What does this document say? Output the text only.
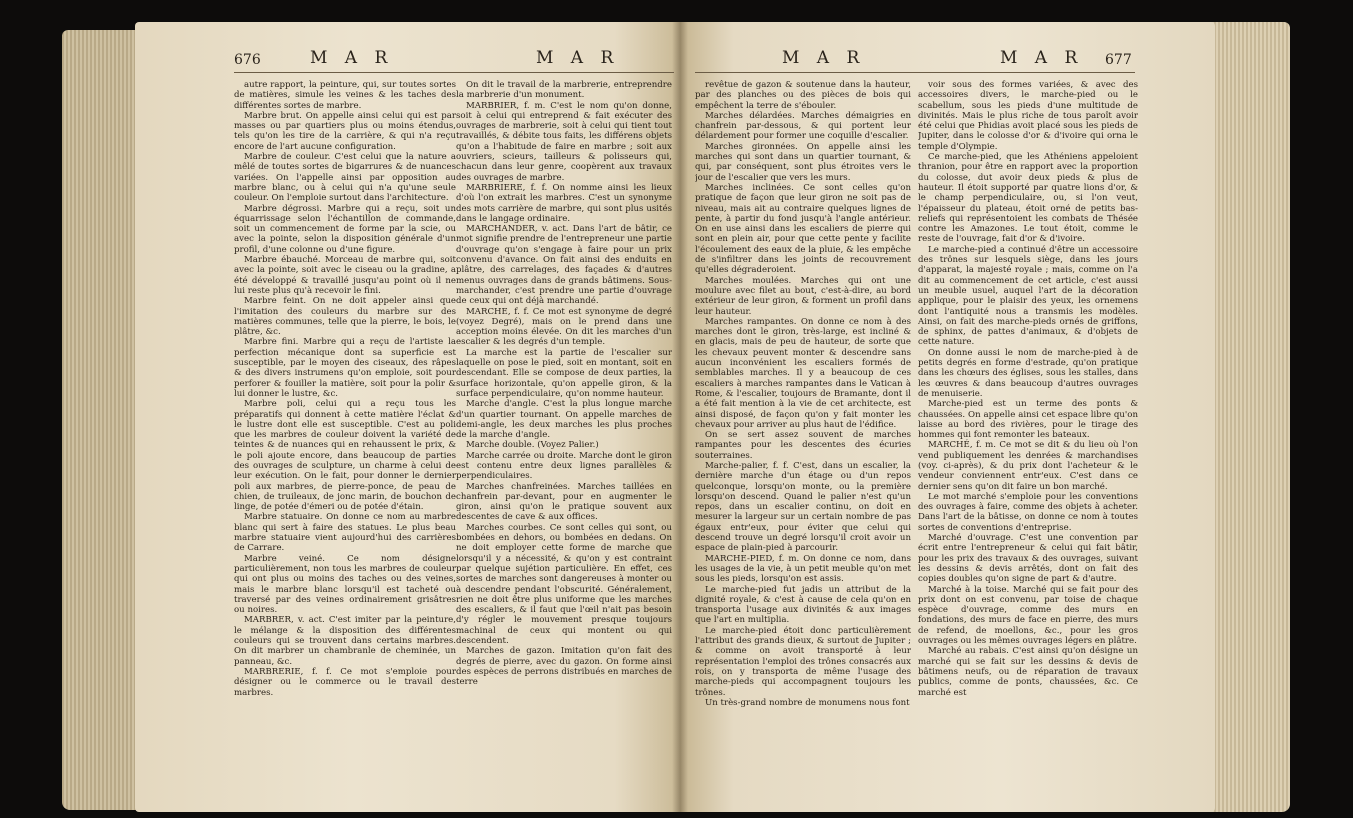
676	M A R	M A R	M A R	M A R 677

autre rapport, la peinture, qui, sur toutes sortes de matières, simule les veines & les taches des différentes sortes de marbre.

Marbre brut. On appelle ainsi celui qui est par masses ou par quartiers plus ou moins étendus, tels qu'on les tire de la carrière, & qui n'a reçu encore de l'art aucune configuration.

Marbre de couleur. C'est celui que la nature a mêlé de toutes sortes de bigarrures & de nuances variées. On l'appelle ainsi par opposition au marbre blanc, ou à celui qui n'a qu'une seule couleur. On l'emploie surtout dans l'architecture.

Marbre dégrossi. Marbre qui a reçu, soit un équarrissage selon l'échantillon de commande, soit un commencement de forme par la scie, ou avec la pointe, selon la disposition générale d'un profil, d'une colonne ou d'une figure.

Marbre ébauché. Morceau de marbre qui, soit avec la pointe, soit avec le ciseau ou la gradine, a été développé & travaillé jusqu'au point où il ne lui reste plus qu'à recevoir le fini.

Marbre feint. On ne doit appeler ainsi que l'imitation des couleurs du marbre sur des matières communes, telle que la pierre, le bois, le plâtre, &c.

Marbre fini. Marbre qui a reçu de l'artiste la perfection mécanique dont sa superficie est susceptible, par le moyen des ciseaux, des râpes & des divers instrumens qu'on emploie, soit pour perforer & fouiller la matière, soit pour la polir & lui donner le lustre, &c.

Marbre poli, celui qui a reçu tous les préparatifs qui donnent à cette matière l'éclat & le lustre dont elle est susceptible. C'est au poli que les marbres de couleur doivent la variété de teintes & de nuances qui en rehaussent le prix, & le poli ajoute encore, dans beaucoup de parties des ouvrages de sculpture, un charme à celui de leur exécution. On le fait, pour donner le dernier poli aux marbres, de pierre-ponce, de peau de chien, de truileaux, de jonc marin, de bouchon de linge, de potée d'émeri ou de potée d'étain.

Marbre statuaire. On donne ce nom au marbre blanc qui sert à faire des statues. Le plus beau marbre statuaire vient aujourd'hui des carrières de Carrare.

Marbre veiné. Ce nom désigne particulièrement, non tous les marbres de couleur qui ont plus ou moins des taches ou des veines, mais le marbre blanc lorsqu'il est tacheté ou traversé par des veines ordinairement grisâtres ou noires.

MARBRER, v. act. C'est imiter par la peinture, le mélange & la disposition des différentes couleurs qui se trouvent dans certains marbres. On dit marbrer un chambranle de cheminée, un panneau, &c.

MARBRERIE, f. f. Ce mot s'emploie pour désigner ou le commerce ou le travail des marbres.

On dit le travail de la marbrerie, entreprendre la marbrerie d'un monument.

MARBRIER, f. m. C'est le nom qu'on donne, soit à celui qui entreprend & fait exécuter des ouvrages de marbrerie, soit à celui qui tient tout travaillés, & débite tous faits, les différens objets qu'on a l'habitude de faire en marbre ; soit aux ouvriers, scieurs, tailleurs & polisseurs qui, chacun dans leur genre, coopèrent aux travaux des ouvrages de marbre.

MARBRIERE, f. f. On nomme ainsi les lieux d'où l'on extrait les marbres. C'est un synonyme des mots carrière de marbre, qui sont plus usités dans le langage ordinaire.

MARCHANDER, v. act. Dans l'art de bâtir, ce mot signifie prendre de l'entrepreneur une partie d'ouvrage qu'on s'engage à faire pour un prix convenu d'avance. On fait ainsi des enduits en plâtre, des carrelages, des façades & d'autres menus ouvrages dans de grands bâtimens. Sous-marchander, c'est prendre une partie d'ouvrage de ceux qui ont déjà marchandé.

MARCHE, f. f. Ce mot est synonyme de degré (voyez Degré), mais on le prend dans une acception moins élevée. On dit les marches d'un escalier & les degrés d'un temple.

La marche est la partie de l'escalier sur laquelle on pose le pied, soit en montant, soit en descendant. Elle se compose de deux parties, la surface horizontale, qu'on appelle giron, & la surface perpendiculaire, qu'on nomme hauteur.

Marche d'angle. C'est la plus longue marche d'un quartier tournant. On appelle marches de demi-angle, les deux marches les plus proches de la marche d'angle.

Marche double. (Voyez Palier.)

Marche carrée ou droite. Marche dont le giron est contenu entre deux lignes parallèles & perpendiculaires.

Marches chanfreinées. Marches taillées en chanfrein par-devant, pour en augmenter le giron, ainsi qu'on le pratique souvent aux descentes de cave & aux offices.

Marches courbes. Ce sont celles qui sont, ou bombées en dehors, ou bombées en dedans. On ne doit employer cette forme de marche que lorsqu'il y a nécessité, & qu'on y est contraint par quelque sujétion particulière. En effet, ces sortes de marches sont dangereuses à monter ou à descendre pendant l'obscurité. Généralement, rien ne doit être plus uniforme que les marches des escaliers, & il faut que l'œil n'ait pas besoin d'y régler le mouvement presque toujours machinal de ceux qui montent ou qui descendent.

Marches de gazon. Imitation qu'on fait des degrés de pierre, avec du gazon. On forme ainsi des espèces de perrons distribués en marches de terre

revêtue de gazon & soutenue dans la hauteur, par des planches ou des pièces de bois qui empêchent la terre de s'ébouler.

Marches délardées. Marches démaigries en chanfrein par-dessous, & qui portent leur délardement pour former une coquille d'escalier.

Marches gironnées. On appelle ainsi les marches qui sont dans un quartier tournant, & qui, par conséquent, sont plus étroites vers le jour de l'escalier que vers les murs.

Marches inclinées. Ce sont celles qu'on pratique de façon que leur giron ne soit pas de niveau, mais ait au contraire quelques lignes de pente, à partir du fond jusqu'à l'angle antérieur. On en use ainsi dans les escaliers de pierre qui sont en plein air, pour que cette pente y facilite l'écoulement des eaux de la pluie, & les empêche de s'infiltrer dans les joints de recouvrement qu'elles dégraderoient.

Marches moulées. Marches qui ont une moulure avec filet au bout, c'est-à-dire, au bord extérieur de leur giron, & forment un profil dans leur hauteur.

Marches rampantes. On donne ce nom à des marches dont le giron, très-large, est incliné & en glacis, mais de peu de hauteur, de sorte que les chevaux peuvent monter & descendre sans aucun inconvénient les escaliers formés de semblables marches. Il y a beaucoup de ces escaliers à marches rampantes dans le Vatican à Rome, & l'escalier, toujours de Bramante, dont il a été fait mention à la vie de cet architecte, est ainsi disposé, de façon qu'on y fait monter les chevaux pour arriver au plus haut de l'édifice.

On se sert assez souvent de marches rampantes pour les descentes des écuries souterraines.

Marche-palier, f. f. C'est, dans un escalier, la dernière marche d'un étage ou d'un repos quelconque, lorsqu'on monte, ou la première lorsqu'on descend. Quand le palier n'est qu'un repos, dans un escalier continu, on doit en mesurer la largeur sur un certain nombre de pas égaux entr'eux, pour éviter que celui qui descend trouve un degré lorsqu'il croit avoir un espace de plain-pied à parcourir.

MARCHE-PIED, f. m. On donne ce nom, dans les usages de la vie, à un petit meuble qu'on met sous les pieds, lorsqu'on est assis.

Le marche-pied fut jadis un attribut de la dignité royale, & c'est à cause de cela qu'on en transporta l'usage aux divinités & aux images que l'art en multiplia.

Le marche-pied étoit donc particulièrement l'attribut des grands dieux, & surtout de Jupiter ; & comme on avoit transporté à leur représentation l'emploi des trônes consacrés aux rois, on y transporta de même l'usage des marche-pieds qui accompagnent toujours les trônes.

Un très-grand nombre de monumens nous font

voir sous des formes variées, & avec des accessoires divers, le marche-pied ou le scabellum, sous les pieds d'une multitude de divinités. Mais le plus riche de tous paroît avoir été celui que Phidias avoit placé sous les pieds de Jupiter, dans le colosse d'or & d'ivoire qui orna le temple d'Olympie.

Ce marche-pied, que les Athéniens appeloient thranion, pour être en rapport avec la proportion du colosse, dut avoir deux pieds & plus de hauteur. Il étoit supporté par quatre lions d'or, & le champ perpendiculaire, ou, si l'on veut, l'épaisseur du plateau, étoit orné de petits bas-reliefs qui représentoient les combats de Thésée contre les Amazones. Le tout étoit, comme le reste de l'ouvrage, fait d'or & d'ivoire.

Le marche-pied a continué d'être un accessoire des trônes sur lesquels siège, dans les jours d'apparat, la majesté royale ; mais, comme on l'a dit au commencement de cet article, c'est aussi un meuble usuel, auquel l'art de la décoration applique, pour le plaisir des yeux, les ornemens dont l'antiquité nous a transmis les modèles. Ainsi, on fait des marche-pieds ornés de griffons, de sphinx, de pattes d'animaux, & d'objets de cette nature.

On donne aussi le nom de marche-pied à de petits degrés en forme d'estrade, qu'on pratique dans les chœurs des églises, sous les stalles, dans les œuvres & dans beaucoup d'autres ouvrages de menuiserie.

Marche-pied est un terme des ponts & chaussées. On appelle ainsi cet espace libre qu'on laisse au bord des rivières, pour le tirage des hommes qui font remonter les bateaux.

MARCHÉ, f. m. Ce mot se dit & du lieu où l'on vend publiquement les denrées & marchandises (voy. ci-après), & du prix dont l'acheteur & le vendeur conviennent entr'eux. C'est dans ce dernier sens qu'on dit faire un bon marché.

Le mot marché s'emploie pour les conventions des ouvrages à faire, comme des objets à acheter. Dans l'art de la bâtisse, on donne ce nom à toutes sortes de conventions d'entreprise.

Marché d'ouvrage. C'est une convention par écrit entre l'entrepreneur & celui qui fait bâtir, pour les prix des travaux & des ouvrages, suivant les dessins & devis arrêtés, dont on fait des copies doubles qu'on signe de part & d'autre.

Marché à la toise. Marché qui se fait pour des prix dont on est convenu, par toise de chaque espèce d'ouvrage, comme des murs en fondations, des murs de face en pierre, des murs de refend, de moellons, &c., pour les gros ouvrages ou les mêmes ouvrages légers en plâtre.

Marché au rabais. C'est ainsi qu'on désigne un marché qui se fait sur les dessins & devis de bâtimens neufs, ou de réparation de travaux publics, comme de ponts, chaussées, &c. Ce marché est
